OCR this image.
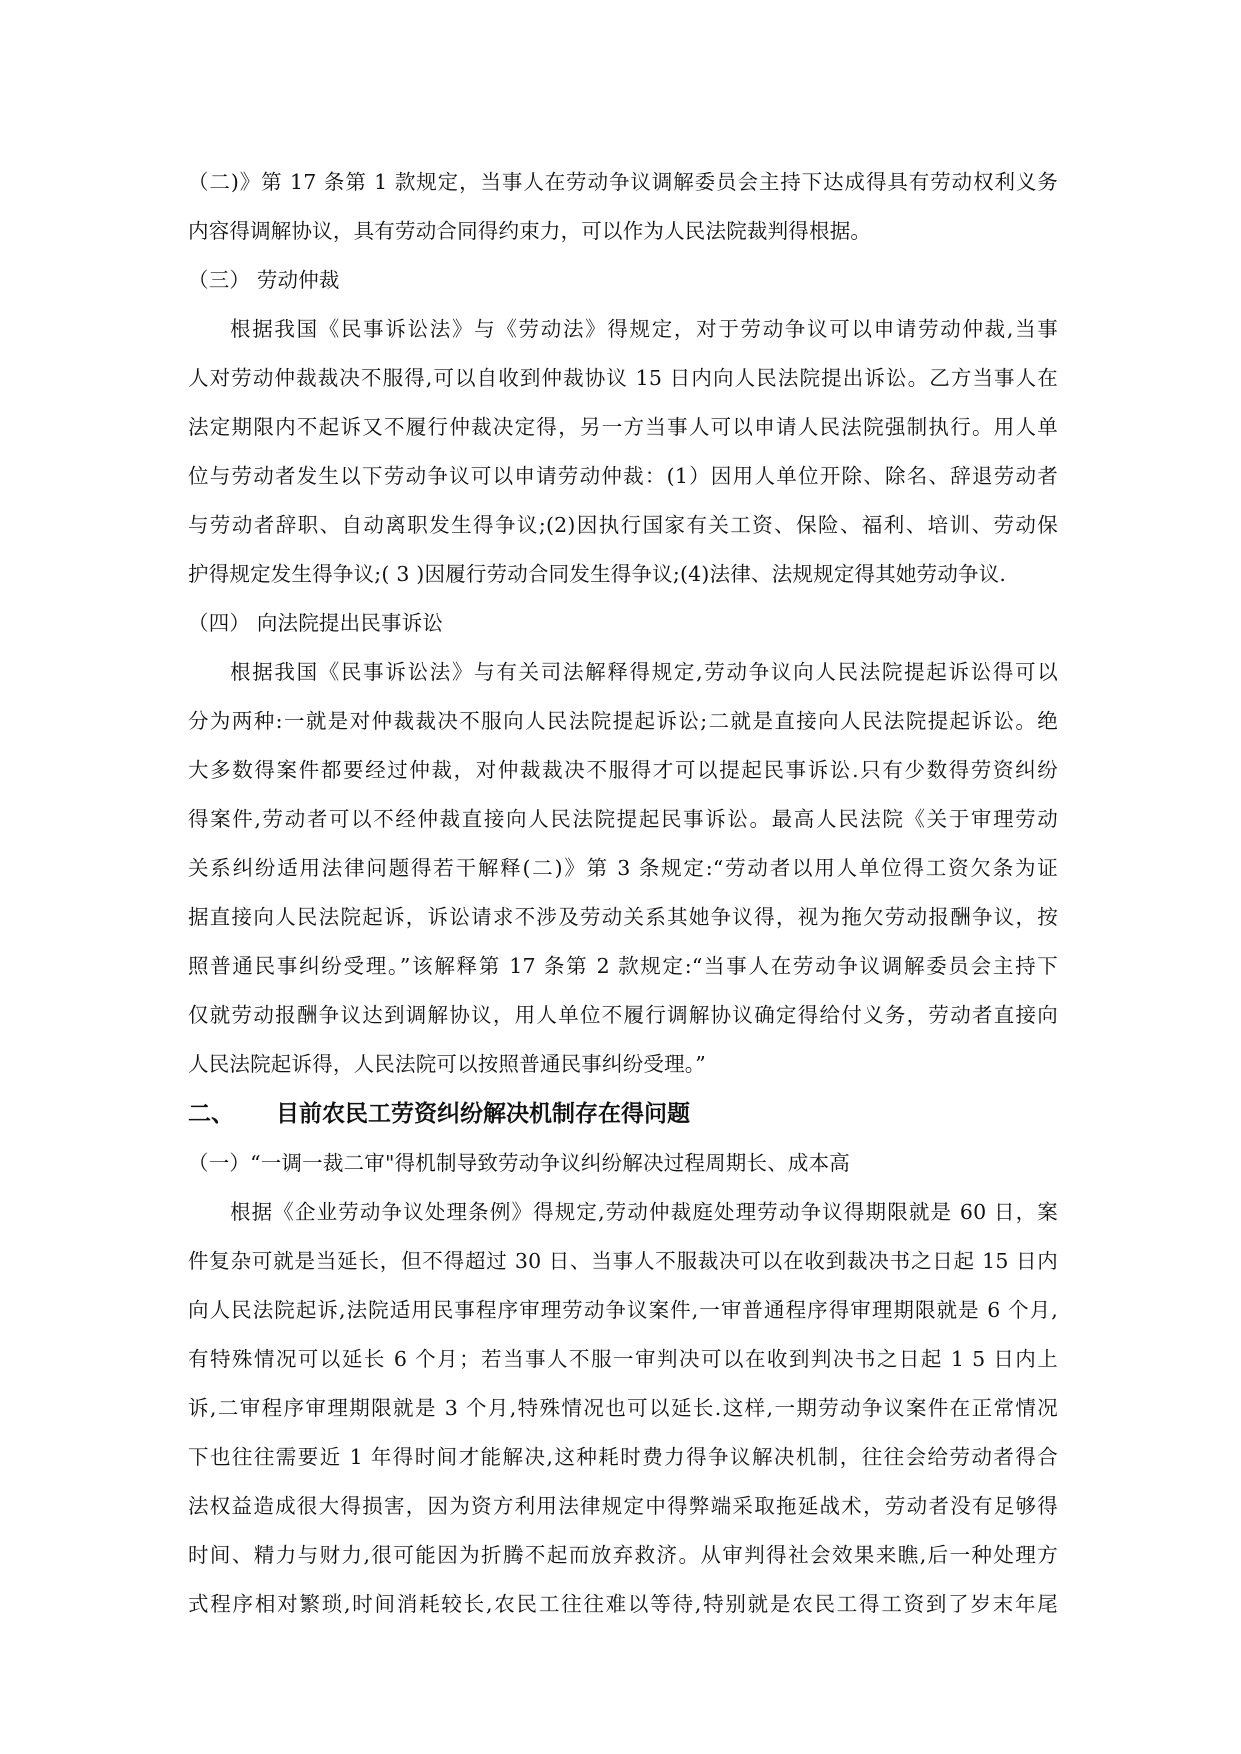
（二)》第 17 条第 1 款规定，当事人在劳动争议调解委员会主持下达成得具有劳动权利义务
内容得调解协议，具有劳动合同得约束力，可以作为人民法院裁判得根据。
（三） 劳动仲裁
根据我国《民事诉讼法》与《劳动法》得规定，对于劳动争议可以申请劳动仲裁,当事
人对劳动仲裁裁决不服得,可以自收到仲裁协议 15 日内向人民法院提出诉讼。乙方当事人在
法定期限内不起诉又不履行仲裁决定得，另一方当事人可以申请人民法院强制执行。用人单
位与劳动者发生以下劳动争议可以申请劳动仲裁：(1）因用人单位开除、除名、辞退劳动者
与劳动者辞职、自动离职发生得争议;(2)因执行国家有关工资、保险、福利、培训、劳动保
护得规定发生得争议;( 3 )因履行劳动合同发生得争议;(4)法律、法规规定得其她劳动争议.
（四） 向法院提出民事诉讼
根据我国《民事诉讼法》与有关司法解释得规定,劳动争议向人民法院提起诉讼得可以
分为两种:一就是对仲裁裁决不服向人民法院提起诉讼;二就是直接向人民法院提起诉讼。绝
大多数得案件都要经过仲裁，对仲裁裁决不服得才可以提起民事诉讼.只有少数得劳资纠纷
得案件,劳动者可以不经仲裁直接向人民法院提起民事诉讼。最高人民法院《关于审理劳动
关系纠纷适用法律问题得若干解释(二)》第 3 条规定:“劳动者以用人单位得工资欠条为证
据直接向人民法院起诉，诉讼请求不涉及劳动关系其她争议得，视为拖欠劳动报酬争议，按
照普通民事纠纷受理。”该解释第 17 条第 2 款规定:“当事人在劳动争议调解委员会主持下
仅就劳动报酬争议达到调解协议，用人单位不履行调解协议确定得给付义务，劳动者直接向
人民法院起诉得，人民法院可以按照普通民事纠纷受理。”
二、 目前农民工劳资纠纷解决机制存在得问题
（一）“一调一裁二审"得机制导致劳动争议纠纷解决过程周期长、成本高
根据《企业劳动争议处理条例》得规定,劳动仲裁庭处理劳动争议得期限就是 60 日，案
件复杂可就是当延长，但不得超过 30 日、当事人不服裁决可以在收到裁决书之日起 15 日内
向人民法院起诉,法院适用民事程序审理劳动争议案件,一审普通程序得审理期限就是 6 个月,
有特殊情况可以延长 6 个月；若当事人不服一审判决可以在收到判决书之日起 1 5 日内上
诉,二审程序审理期限就是 3 个月,特殊情况也可以延长.这样,一期劳动争议案件在正常情况
下也往往需要近 1 年得时间才能解决,这种耗时费力得争议解决机制，往往会给劳动者得合
法权益造成很大得损害，因为资方利用法律规定中得弊端采取拖延战术，劳动者没有足够得
时间、精力与财力,很可能因为折腾不起而放弃救济。从审判得社会效果来瞧,后一种处理方
式程序相对繁琐,时间消耗较长,农民工往往难以等待,特别就是农民工得工资到了岁末年尾
